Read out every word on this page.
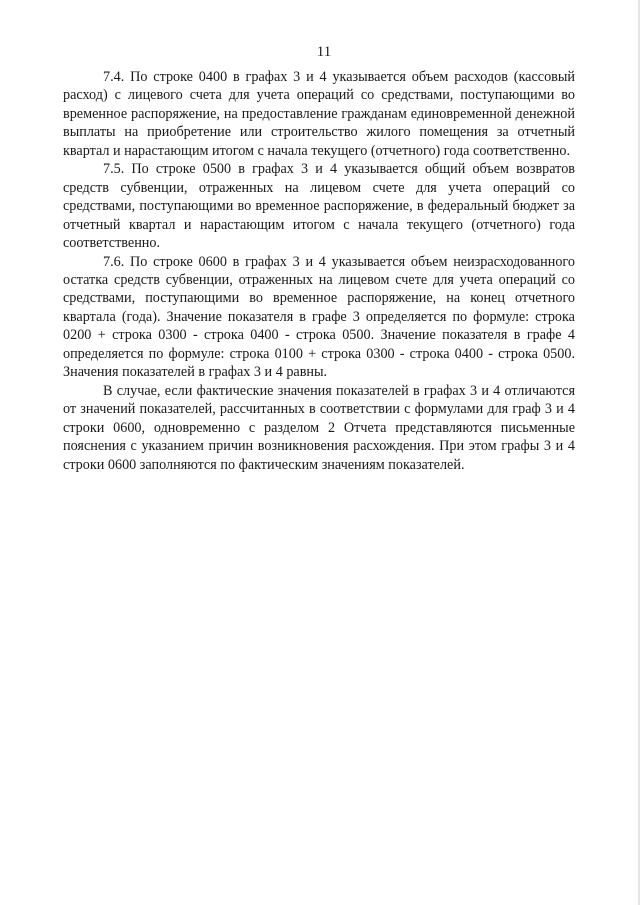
11

7.4. По строке 0400 в графах 3 и 4 указывается объем расходов (кассовый расход) с лицевого счета для учета операций со средствами, поступающими во временное распоряжение, на предоставление гражданам единовременной денежной выплаты на приобретение или строительство жилого помещения за отчетный квартал и нарастающим итогом с начала текущего (отчетного) года соответственно.

7.5. По строке 0500 в графах 3 и 4 указывается общий объем возвратов средств субвенции, отраженных на лицевом счете для учета операций со средствами, поступающими во временное распоряжение, в федеральный бюджет за отчетный квартал и нарастающим итогом с начала текущего (отчетного) года соответственно.

7.6. По строке 0600 в графах 3 и 4 указывается объем неизрасходованного остатка средств субвенции, отраженных на лицевом счете для учета операций со средствами, поступающими во временное распоряжение, на конец отчетного квартала (года). Значение показателя в графе 3 определяется по формуле: строка 0200 + строка 0300 - строка 0400 - строка 0500. Значение показателя в графе 4 определяется по формуле: строка 0100 + строка 0300 - строка 0400 - строка 0500. Значения показателей в графах 3 и 4 равны.

В случае, если фактические значения показателей в графах 3 и 4 отличаются от значений показателей, рассчитанных в соответствии с формулами для граф 3 и 4 строки 0600, одновременно с разделом 2 Отчета представляются письменные пояснения с указанием причин возникновения расхождения. При этом графы 3 и 4 строки 0600 заполняются по фактическим значениям показателей.
